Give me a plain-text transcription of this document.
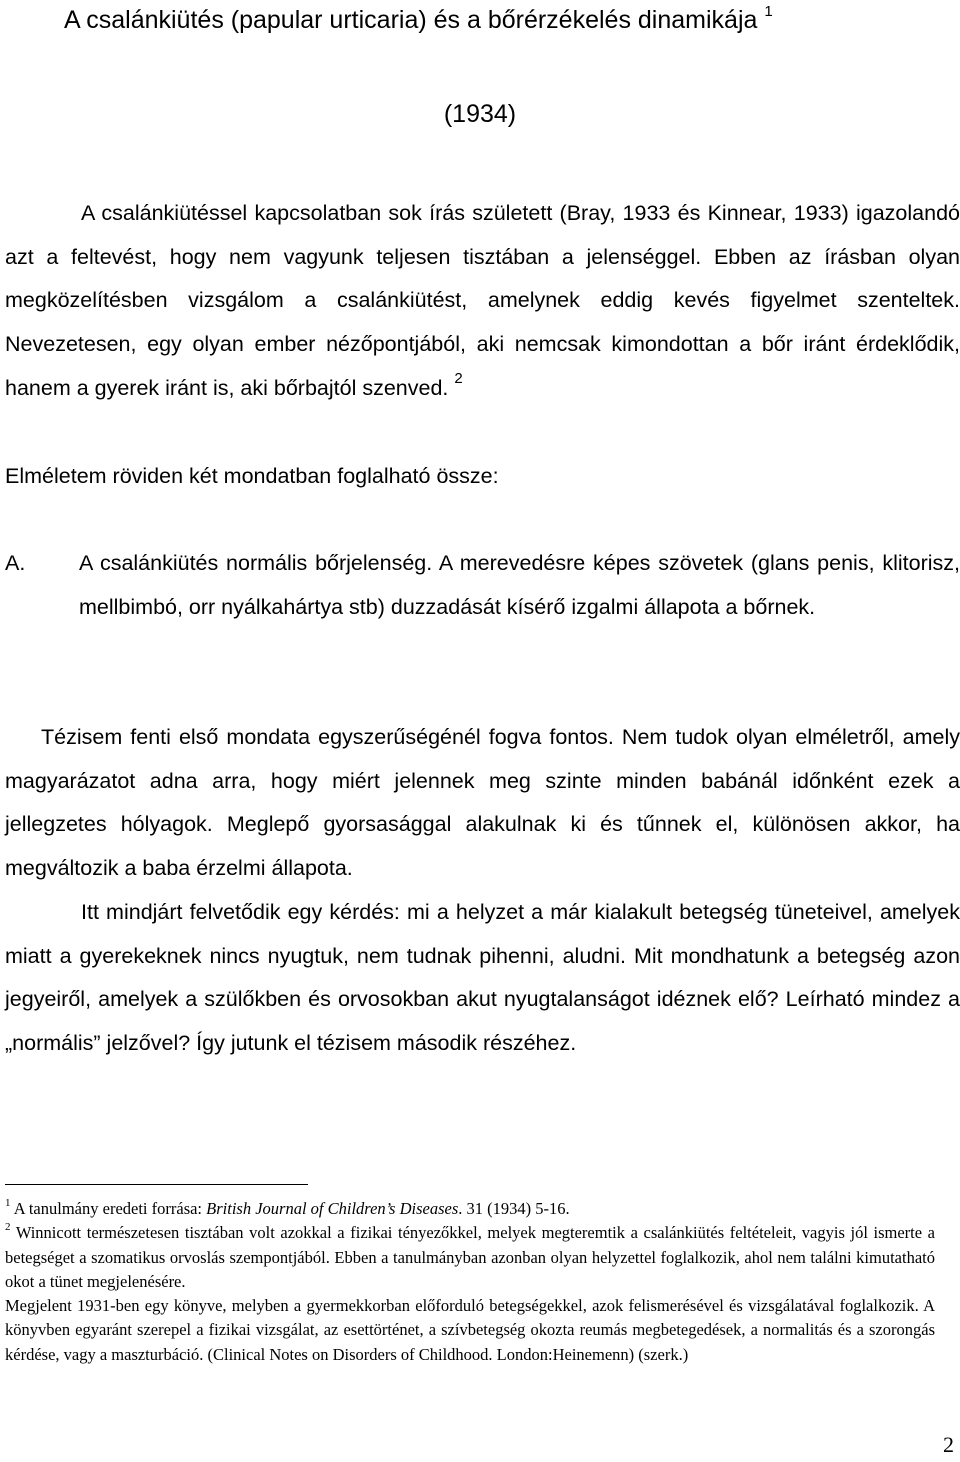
A csalánkiütés (papular urticaria) és a bőrérzékelés dinamikája $^1$
(1934)

A csalánkiütéssel kapcsolatban sok írás született (Bray, 1933 és Kinnear, 1933) igazolandó azt a feltevést, hogy nem vagyunk teljesen tisztában a jelenséggel. Ebben az írásban olyan megközelítésben vizsgálom a csalánkiütést, amelynek eddig kevés figyelmet szenteltek. Nevezetesen, egy olyan ember nézőpontjából, aki nemcsak kimondottan a bőr iránt érdeklődik, hanem a gyerek iránt is, aki bőrbajtól szenved. $^2$

Elméletem röviden két mondatban foglalható össze:

A. A csalánkiütés normális bőrjelenség. A merevedésre képes szövetek (glans penis, klitorisz, mellbimbó, orr nyálkahártya stb) duzzadását kísérő izgalmi állapota a bőrnek.

Tézisem fenti első mondata egyszerűségénél fogva fontos. Nem tudok olyan elméletről, amely magyarázatot adna arra, hogy miért jelennek meg szinte minden babánál időnként ezek a jellegzetes hólyagok. Meglepő gyorsasággal alakulnak ki és tűnnek el, különösen akkor, ha megváltozik a baba érzelmi állapota.

Itt mindjárt felvetődik egy kérdés: mi a helyzet a már kialakult betegség tüneteivel, amelyek miatt a gyerekeknek nincs nyugtuk, nem tudnak pihenni, aludni. Mit mondhatunk a betegség azon jegyeiről, amelyek a szülőkben és orvosokban akut nyugtalanságot idéznek elő? Leírható mindez a „normális” jelzővel? Így jutunk el tézisem második részéhez.

$^1$ A tanulmány eredeti forrása: British Journal of Children’s Diseases. 31 (1934) 5-16.

$^2$ Winnicott természetesen tisztában volt azokkal a fizikai tényezőkkel, melyek megteremtik a csalánkiütés feltételeit, vagyis jól ismerte a betegséget a szomatikus orvoslás szempontjából. Ebben a tanulmányban azonban olyan helyzettel foglalkozik, ahol nem találni kimutatható okot a tünet megjelenésére.

Megjelent 1931-ben egy könyve, melyben a gyermekkorban előforduló betegségekkel, azok felismerésével és vizsgálatával foglalkozik. A könyvben egyaránt szerepel a fizikai vizsgálat, az esettörténet, a szívbetegség okozta reumás megbetegedések, a normalitás és a szorongás kérdése, vagy a maszturbáció. (Clinical Notes on Disorders of Childhood. London:Heinemenn) (szerk.)

2
